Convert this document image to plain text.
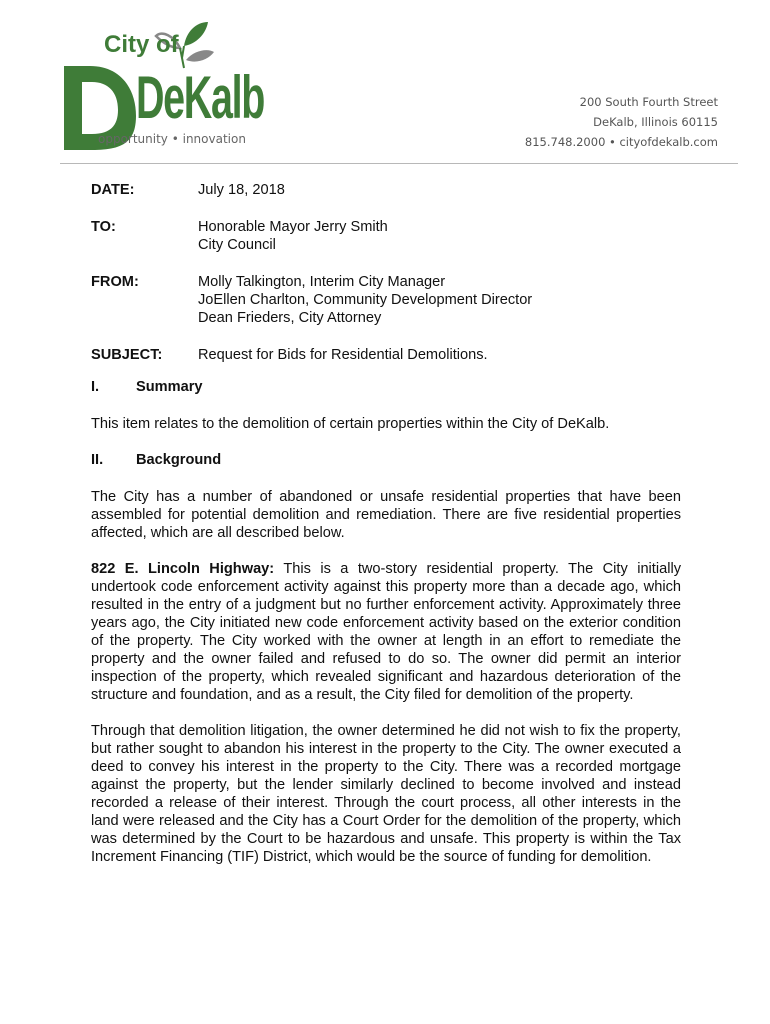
City of
DeKalb
opportunity • innovation
200 South Fourth Street
DeKalb, Illinois 60115
815.748.2000 • cityofdekalb.com
DATE:	July 18, 2018
TO:	Honorable Mayor Jerry Smith
City Council
FROM:	Molly Talkington, Interim City Manager
JoEllen Charlton, Community Development Director
Dean Frieders, City Attorney
SUBJECT:	Request for Bids for Residential Demolitions.
I.	Summary

This item relates to the demolition of certain properties within the City of DeKalb.

II.	Background

The City has a number of abandoned or unsafe residential properties that have been assembled for potential demolition and remediation. There are five residential properties affected, which are all described below.

822 E. Lincoln Highway: This is a two-story residential property. The City initially undertook code enforcement activity against this property more than a decade ago, which resulted in the entry of a judgment but no further enforcement activity. Approximately three years ago, the City initiated new code enforcement activity based on the exterior condition of the property. The City worked with the owner at length in an effort to remediate the property and the owner failed and refused to do so. The owner did permit an interior inspection of the property, which revealed significant and hazardous deterioration of the structure and foundation, and as a result, the City filed for demolition of the property.

Through that demolition litigation, the owner determined he did not wish to fix the property, but rather sought to abandon his interest in the property to the City. The owner executed a deed to convey his interest in the property to the City. There was a recorded mortgage against the property, but the lender similarly declined to become involved and instead recorded a release of their interest. Through the court process, all other interests in the land were released and the City has a Court Order for the demolition of the property, which was determined by the Court to be hazardous and unsafe. This property is within the Tax Increment Financing (TIF) District, which would be the source of funding for demolition.
